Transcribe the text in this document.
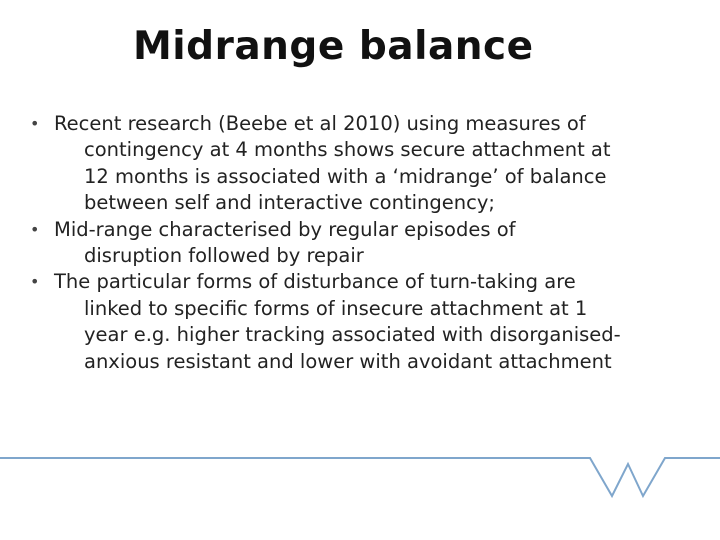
Midrange balance
• Recent research (Beebe et al 2010) using measures of
contingency at 4 months shows secure attachment at
12 months is associated with a ‘midrange’ of balance
between self and interactive contingency;
• Mid-range characterised by regular episodes of
disruption followed by repair
• The particular forms of disturbance of turn-taking are
linked to specific forms of insecure attachment at 1
year e.g. higher tracking associated with disorganised-
anxious resistant and lower with avoidant attachment
